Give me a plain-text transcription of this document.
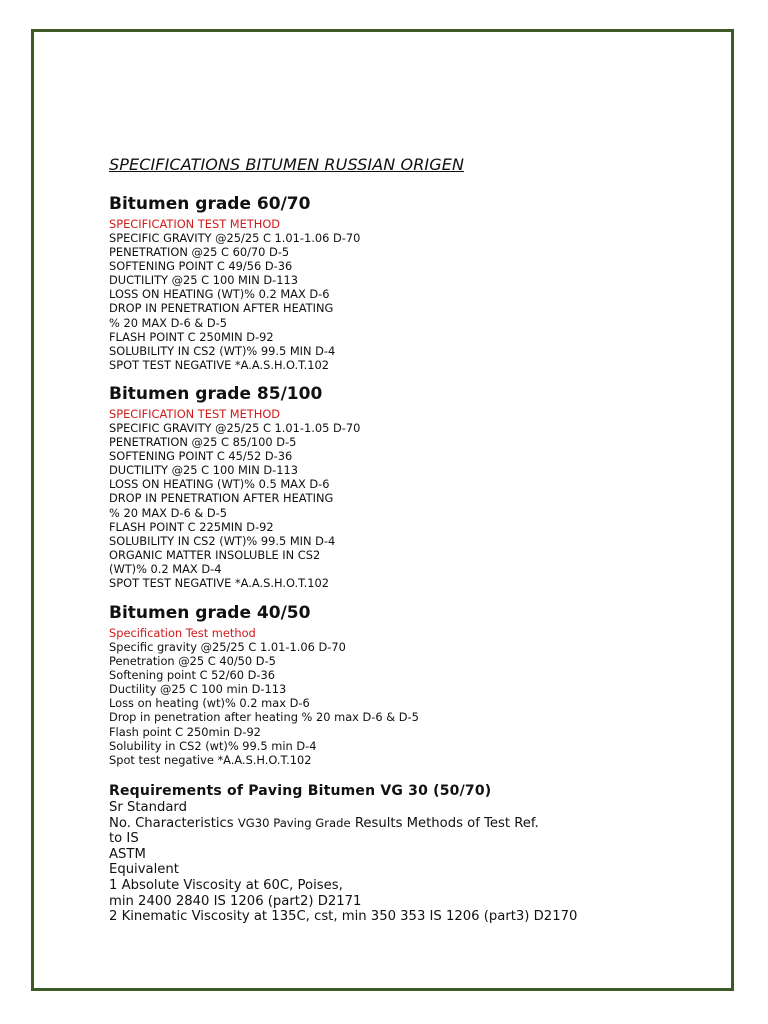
SPECIFICATIONS BITUMEN RUSSIAN ORIGEN
Bitumen grade 60/70
SPECIFICATION TEST METHOD
SPECIFIC GRAVITY @25/25 C 1.01-1.06 D-70
PENETRATION @25 C 60/70 D-5
SOFTENING POINT C 49/56 D-36
DUCTILITY @25 C 100 MIN D-113
LOSS ON HEATING (WT)% 0.2 MAX D-6
DROP IN PENETRATION AFTER HEATING
% 20 MAX D-6 & D-5
FLASH POINT C 250MIN D-92
SOLUBILITY IN CS2 (WT)% 99.5 MIN D-4
SPOT TEST NEGATIVE *A.A.S.H.O.T.102
Bitumen grade 85/100
SPECIFICATION TEST METHOD
SPECIFIC GRAVITY @25/25 C 1.01-1.05 D-70
PENETRATION @25 C 85/100 D-5
SOFTENING POINT C 45/52 D-36
DUCTILITY @25 C 100 MIN D-113
LOSS ON HEATING (WT)% 0.5 MAX D-6
DROP IN PENETRATION AFTER HEATING
% 20 MAX D-6 & D-5
FLASH POINT C 225MIN D-92
SOLUBILITY IN CS2 (WT)% 99.5 MIN D-4
ORGANIC MATTER INSOLUBLE IN CS2
(WT)% 0.2 MAX D-4
SPOT TEST NEGATIVE *A.A.S.H.O.T.102
Bitumen grade 40/50
Specification Test method
Specific gravity @25/25 C 1.01-1.06 D-70
Penetration @25 C 40/50 D-5
Softening point C 52/60 D-36
Ductility @25 C 100 min D-113
Loss on heating (wt)% 0.2 max D-6
Drop in penetration after heating % 20 max D-6 & D-5
Flash point C 250min D-92
Solubility in CS2 (wt)% 99.5 min D-4
Spot test negative *A.A.S.H.O.T.102
Requirements of Paving Bitumen VG 30 (50/70)
Sr Standard
No. Characteristics VG30 Paving Grade Results Methods of Test Ref.
to IS
ASTM
Equivalent
1 Absolute Viscosity at 60C, Poises,
min 2400 2840 IS 1206 (part2) D2171
2 Kinematic Viscosity at 135C, cst, min 350 353 IS 1206 (part3) D2170
